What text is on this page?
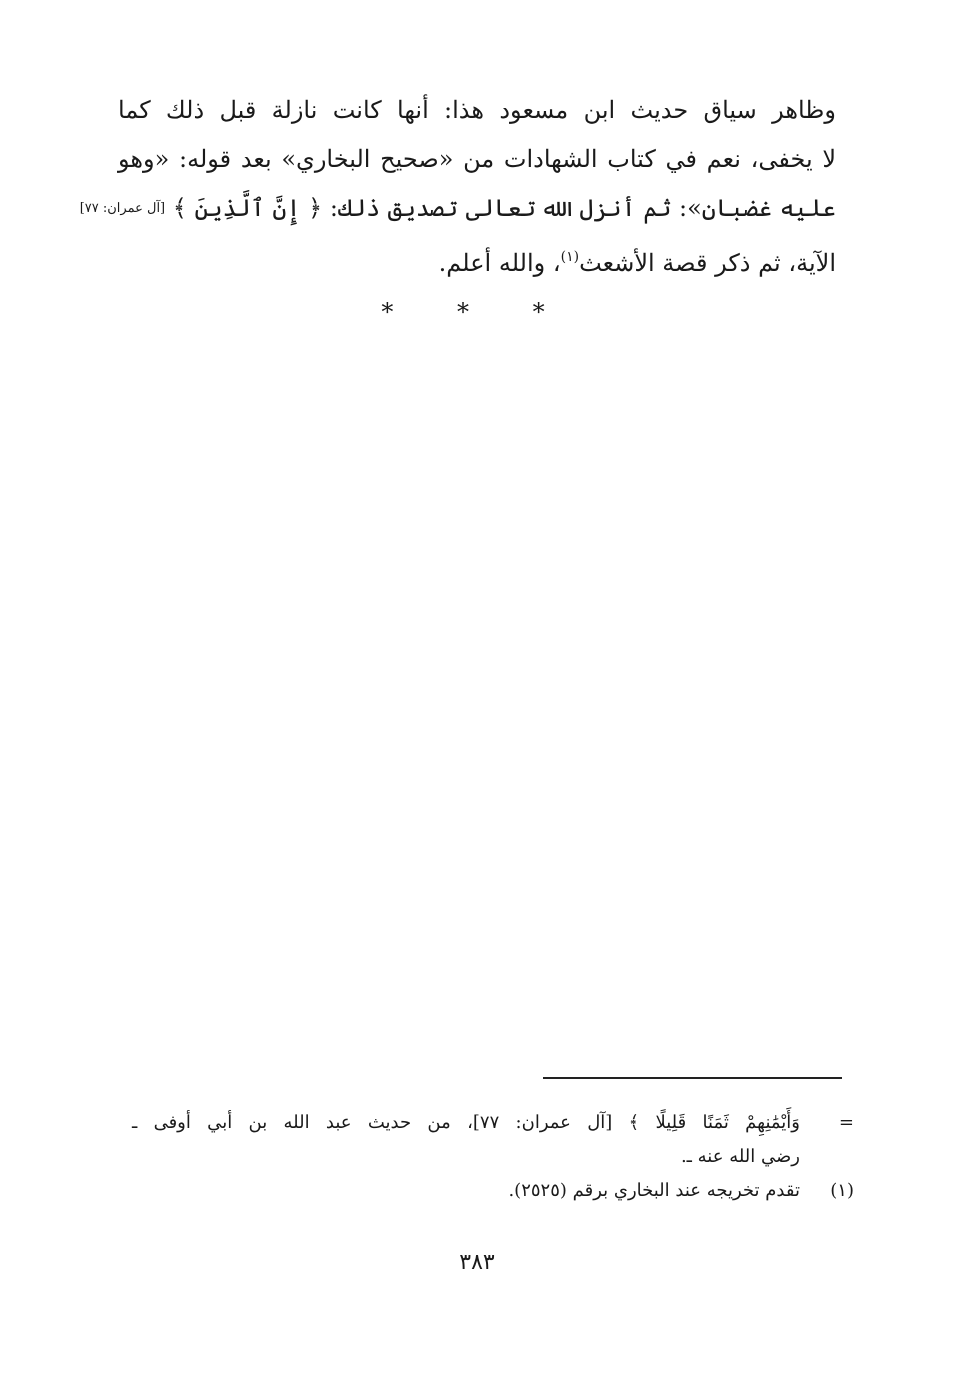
وظاهر سياق حديث ابن مسعود هذا: أنها كانت نازلة قبل ذلك كما
لا يخفى، نعم في كتاب الشهادات من «صحيح البخاري» بعد قوله: «وهو
عليه غضبان»: ثم أنزل الله تعالى تصديق ذلك: ﴿ إِنَّ ٱلَّذِينَ ﴾ [آل عمران: ٧٧]
الآية، ثم ذكر قصة الأشعث$^{(١)}$، والله أعلم.
* * *
=
وَأَيْمَٰنِهِمْ ثَمَنًا قَلِيلًا ﴾ [آل عمران: ٧٧]، من حديث عبد الله بن أبي أوفى ـ
رضي الله عنه ـ.
(١)
تقدم تخريجه عند البخاري برقم (٢٥٢٥).
٣٨٣
